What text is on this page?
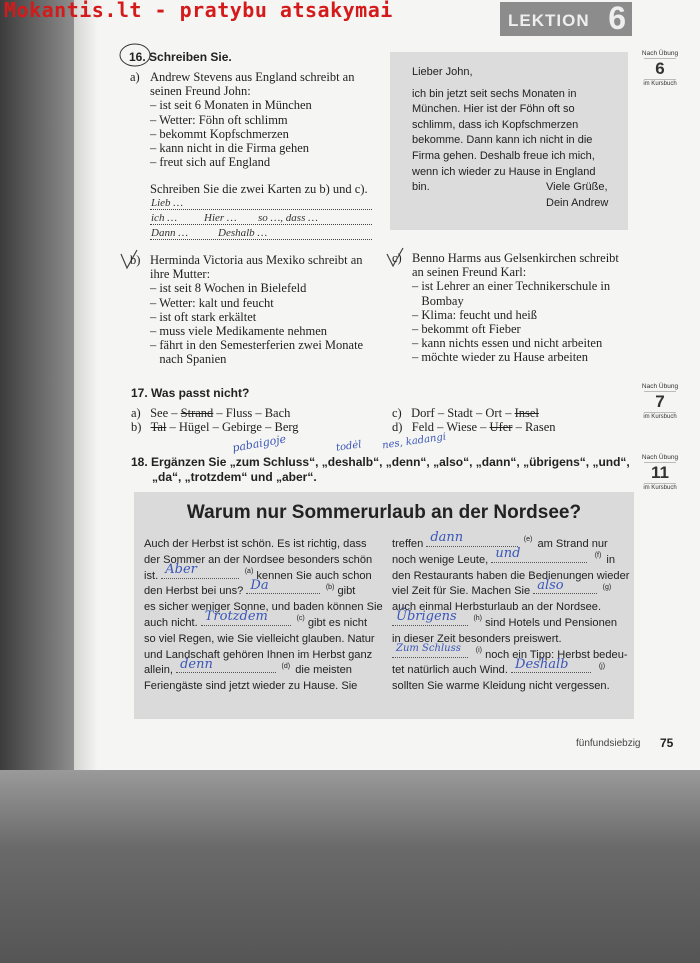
Mokantis.lt - pratybu atsakymai	LEKTION 6
Nach Übung
6
im Kursbuch
Nach Übung
7
im Kursbuch
Nach Übung
11
im Kursbuch
16. Schreiben Sie.
a) Andrew Stevens aus England schreibt an
seinen Freund John:
– ist seit 6 Monaten in München
– Wetter: Föhn oft schlimm
– bekommt Kopfschmerzen
– kann nicht in die Firma gehen
– freut sich auf England
Schreiben Sie die zwei Karten zu b) und c).
Lieb …
ich … Hier … so …, dass …
Dann …	Deshalb …
Lieber John,
ich bin jetzt seit sechs Monaten in
München. Hier ist der Föhn oft so
schlimm, dass ich Kopfschmerzen
bekomme. Dann kann ich nicht in die
Firma gehen. Deshalb freue ich mich,
wenn ich wieder zu Hause in England
bin.	Viele Grüße,
Dein Andrew
b) Herminda Victoria aus Mexiko schreibt an
ihre Mutter:
– ist seit 8 Wochen in Bielefeld
– Wetter: kalt und feucht
– ist oft stark erkältet
– muss viele Medikamente nehmen
– fährt in den Semesterferien zwei Monate
nach Spanien
c) Benno Harms aus Gelsenkirchen schreibt
an seinen Freund Karl:
– ist Lehrer an einer Technikerschule in
Bombay
– Klima: feucht und heiß
– bekommt oft Fieber
– kann nichts essen und nicht arbeiten
– möchte wieder zu Hause arbeiten
17. Was passt nicht?
a) See – Strand – Fluss – Bach
b) Tal – Hügel – Gebirge – Berg
c) Dorf – Stadt – Ort – Insel
d) Feld – Wiese – Ufer – Rasen
pabaigoje	todėl nes, kadangi
18. Ergänzen Sie „zum Schluss“, „deshalb“, „denn“, „also“, „dann“, „übrigens“, „und“,
„da“, „trotzdem“ und „aber“.
Warum nur Sommerurlaub an der Nordsee?
Auch der Herbst ist schön. Es ist richtig, dass
der Sommer an der Nordsee besonders schön
ist. Aber	(a) kennen Sie auch schon
den Herbst bei uns? Da	(b) gibt
es sicher weniger Sonne, und baden können Sie
auch nicht. Trotzdem	(c) gibt es nicht
so viel Regen, wie Sie vielleicht glauben. Natur
und Landschaft gehören Ihnen im Herbst ganz
allein, denn	(d) die meisten
Feriengäste sind jetzt wieder zu Hause. Sie
treffen dann	(e) am Strand nur
noch wenige Leute, und	(f) in
den Restaurants haben die Bedienungen wieder
viel Zeit für Sie. Machen Sie also	(g)
auch einmal Herbsturlaub an der Nordsee.
Übrigens (h) sind Hotels und Pensionen
in dieser Zeit besonders preiswert.
Zum Schluss (i) noch ein Tipp: Herbst bedeu-
tet natürlich auch Wind. Deshalb	(j)
sollten Sie warme Kleidung nicht vergessen.
fünfundsiebzig 75
